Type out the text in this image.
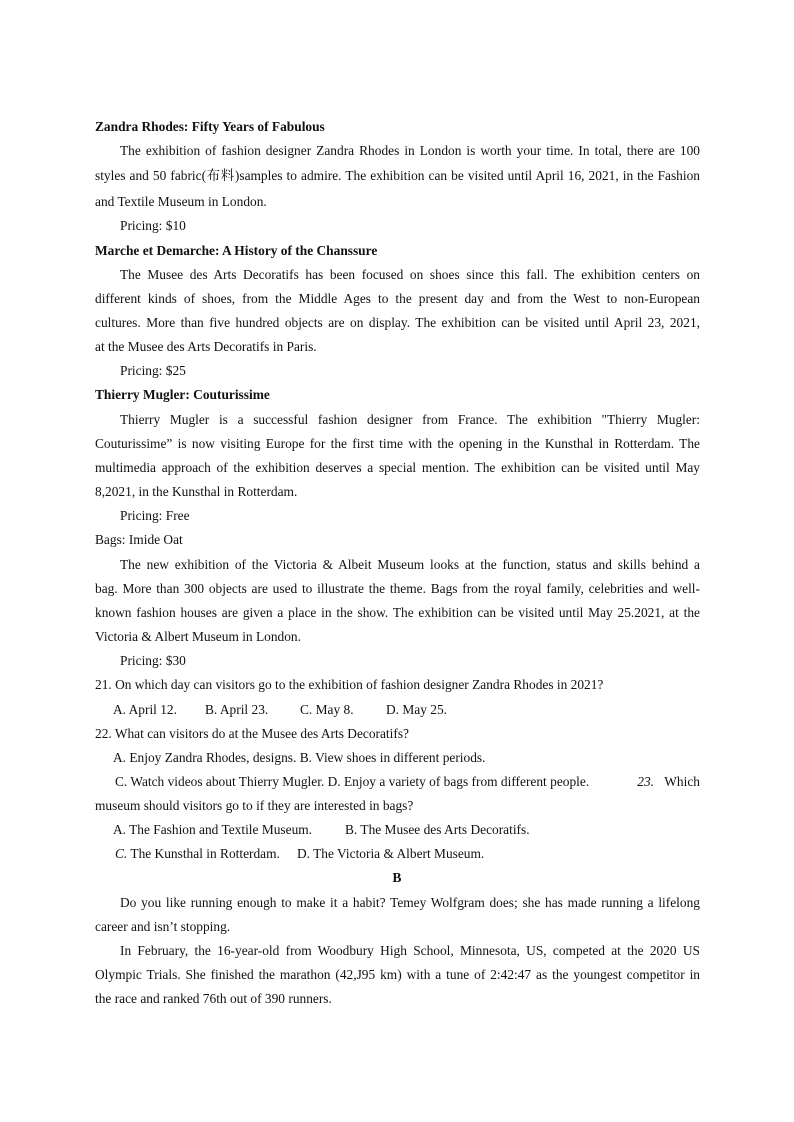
Zandra Rhodes: Fifty Years of Fabulous
The exhibition of fashion designer Zandra Rhodes in London is worth your time. In total, there are 100
styles and 50 fabric(布料)samples to admire. The exhibition can be visited until April 16, 2021, in the Fashion
and Textile Museum in London.
Pricing: $10
Marche et Demarche: A History of the Chanssure
The Musee des Arts Decoratifs has been focused on shoes since this fall. The exhibition centers on
different kinds of shoes, from the Middle Ages to the present day and from the West to non-European
cultures. More than five hundred objects are on display. The exhibition can be visited until April 23, 2021,
at the Musee des Arts Decoratifs in Paris.
Pricing: $25
Thierry Mugler: Couturissime
Thierry Mugler is a successful fashion designer from France. The exhibition "Thierry Mugler:
Couturissime” is now visiting Europe for the first time with the opening in the Kunsthal in Rotterdam. The
multimedia approach of the exhibition deserves a special mention. The exhibition can be visited until May
8,2021, in the Kunsthal in Rotterdam.
Pricing: Free
Bags: Imide Oat
The new exhibition of the Victoria & Albeit Museum looks at the function, status and skills behind a
bag. More than 300 objects are used to illustrate the theme. Bags from the royal family, celebrities and well-
known fashion houses are given a place in the show. The exhibition can be visited until May 25.2021, at the
Victoria & Albert Museum in London.
Pricing: $30
21. On which day can visitors go to the exhibition of fashion designer Zandra Rhodes in 2021?
A. April 12. B. April 23. C. May 8. D. May 25.
22. What can visitors do at the Musee des Arts Decoratifs?
A. Enjoy Zandra Rhodes, designs. B. View shoes in different periods.
C. Watch videos about Thierry Mugler. D. Enjoy a variety of bags from different people.	23. Which
museum should visitors go to if they are interested in bags?
A. The Fashion and Textile Museum. B. The Musee des Arts Decoratifs.
C. The Kunsthal in Rotterdam. D. The Victoria & Albert Museum.
B
Do you like running enough to make it a habit? Temey Wolfgram does; she has made running a lifelong
career and isn’t stopping.
In February, the 16-year-old from Woodbury High School, Minnesota, US, competed at the 2020 US
Olympic Trials. She finished the marathon (42,J95 km) with a tune of 2:42:47 as the youngest competitor in
the race and ranked 76th out of 390 runners.
